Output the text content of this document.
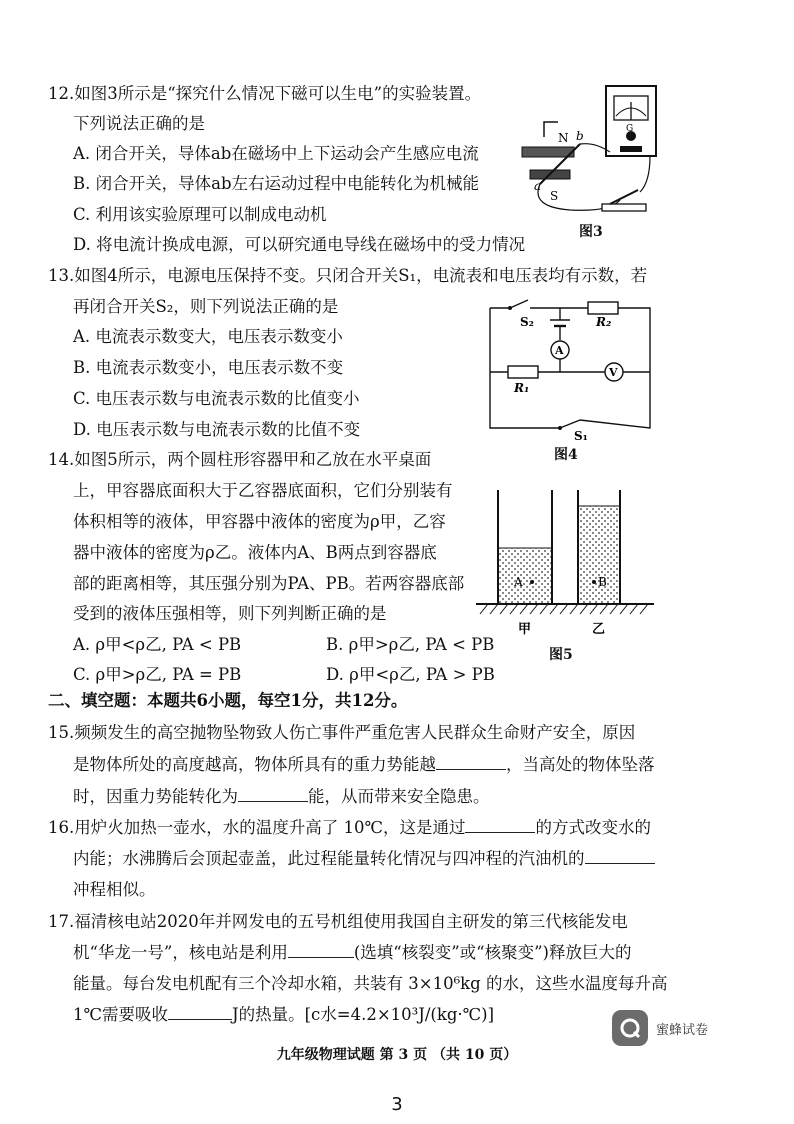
12.如图3所示是“探究什么情况下磁可以生电”的实验装置。
下列说法正确的是
A. 闭合开关，导体ab在磁场中上下运动会产生感应电流
B. 闭合开关，导体ab左右运动过程中电能转化为机械能
C. 利用该实验原理可以制成电动机
D. 将电流计换成电源，可以研究通电导线在磁场中的受力情况
G
N
S
b
a
图3
13.如图4所示，电源电压保持不变。只闭合开关S₁，电流表和电压表均有示数，若
再闭合开关S₂，则下列说法正确的是
A. 电流表示数变大，电压表示数变小
B. 电流表示数变小，电压表示数不变
C. 电压表示数与电流表示数的比值变小
D. 电压表示数与电流表示数的比值不变
S₂	R₂
A
R₁
V
S₁
图4
14.如图5所示，两个圆柱形容器甲和乙放在水平桌面
上，甲容器底面积大于乙容器底面积，它们分别装有
体积相等的液体，甲容器中液体的密度为ρ甲，乙容
器中液体的密度为ρ乙。液体内A、B两点到容器底
部的距离相等，其压强分别为PA、PB。若两容器底部
受到的液体压强相等，则下列判断正确的是
A. ρ甲<ρ乙, PA < PB	B. ρ甲>ρ乙, PA < PB
C. ρ甲>ρ乙, PA = PB	D. ρ甲<ρ乙, PA > PB
A	B
甲	乙
图5
二、填空题：本题共6小题，每空1分，共12分。
15.频频发生的高空抛物坠物致人伤亡事件严重危害人民群众生命财产安全，原因
是物体所处的高度越高，物体所具有的重力势能越	，当高处的物体坠落
时，因重力势能转化为	能，从而带来安全隐患。
16.用炉火加热一壶水，水的温度升高了 10℃，这是通过	的方式改变水的
内能；水沸腾后会顶起壶盖，此过程能量转化情况与四冲程的汽油机的
冲程相似。
17.福清核电站2020年并网发电的五号机组使用我国自主研发的第三代核能发电
机“华龙一号”，核电站是利用	(选填“核裂变”或“核聚变”)释放巨大的
能量。每台发电机配有三个冷却水箱，共装有 3×10⁶kg 的水，这些水温度每升高
1℃需要吸收	J的热量。[c水=4.2×10³J/(kg·℃)]
蜜蜂试卷
九年级物理试题 第 3 页 （共 10 页）
3
